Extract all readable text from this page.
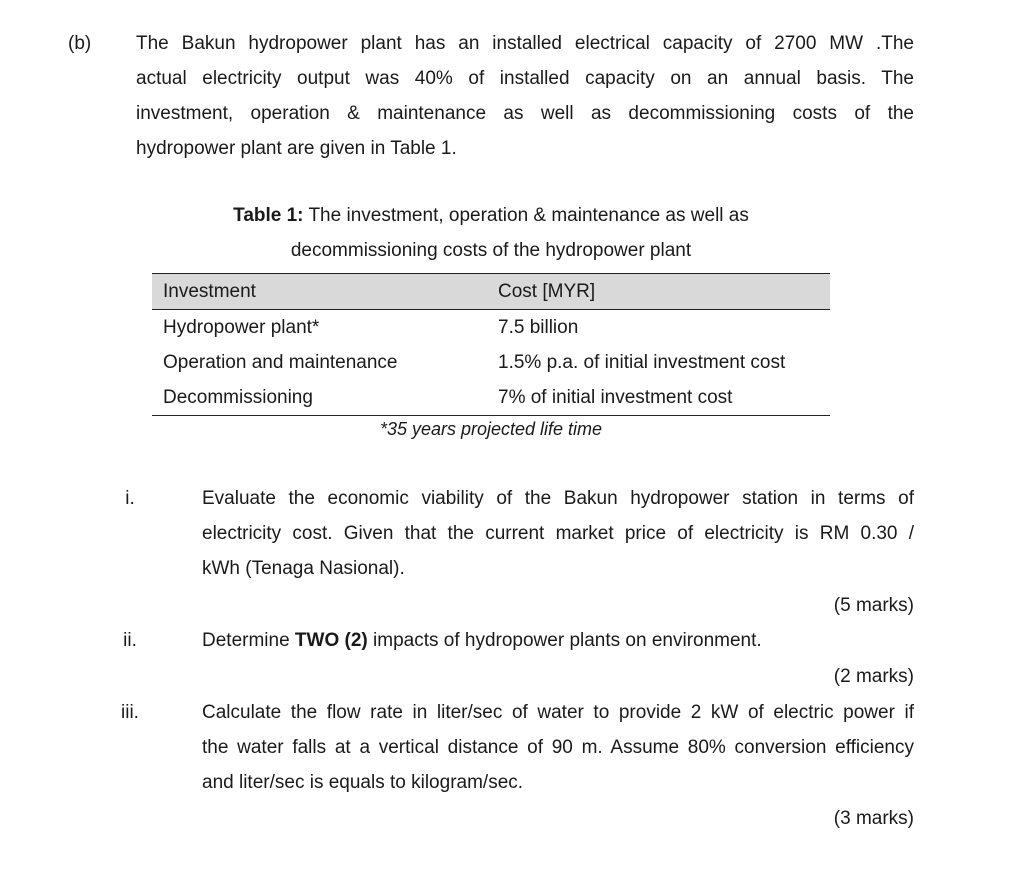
(b) The Bakun hydropower plant has an installed electrical capacity of 2700 MW .The
actual electricity output was 40% of installed capacity on an annual basis. The
investment, operation & maintenance as well as decommissioning costs of the
hydropower plant are given in Table 1.
Table 1: The investment, operation & maintenance as well as
decommissioning costs of the hydropower plant
Investment	Cost [MYR]
Hydropower plant*	7.5 billion
Operation and maintenance	1.5% p.a. of initial investment cost
Decommissioning	7% of initial investment cost
*35 years projected life time
i.	Evaluate the economic viability of the Bakun hydropower station in terms of
electricity cost. Given that the current market price of electricity is RM 0.30 /
kWh (Tenaga Nasional).
(5 marks)
ii.	Determine TWO (2) impacts of hydropower plants on environment.
(2 marks)
iii.	Calculate the flow rate in liter/sec of water to provide 2 kW of electric power if
the water falls at a vertical distance of 90 m. Assume 80% conversion efficiency
and liter/sec is equals to kilogram/sec.
(3 marks)
